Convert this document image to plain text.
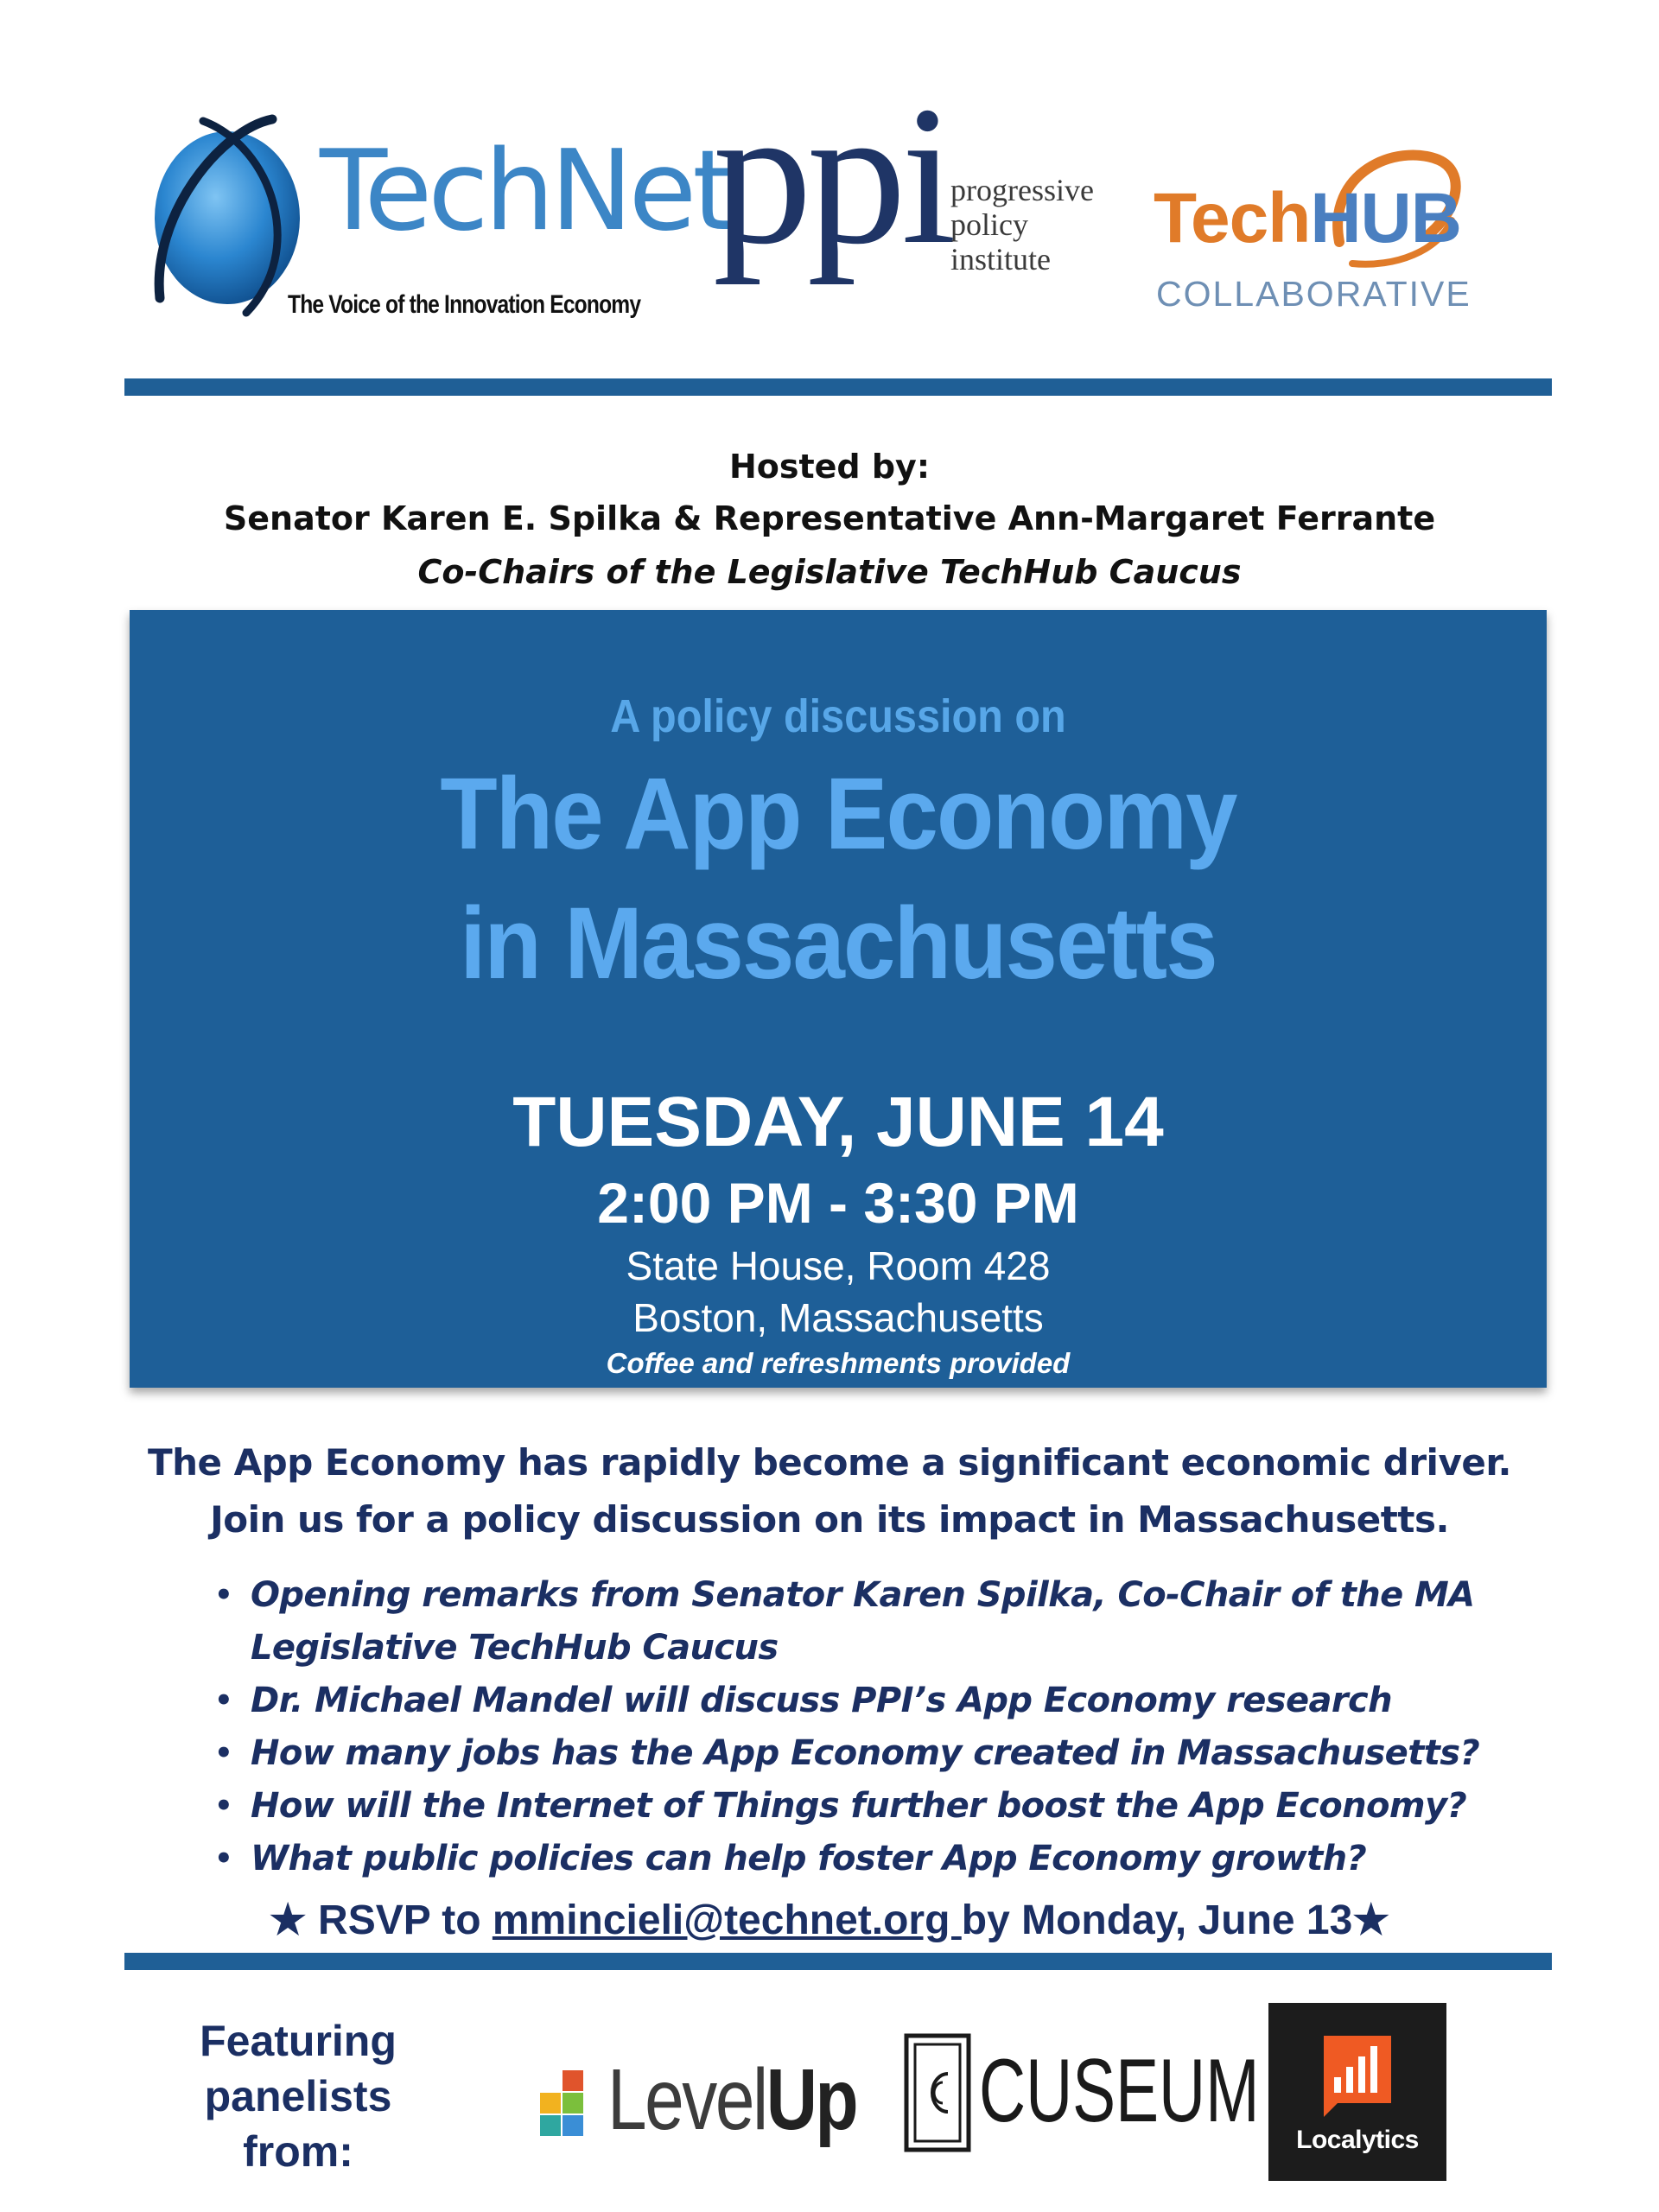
TechNet
The Voice of the Innovation Economy
ppi progressive
policy
institute
TechHUB
COLLABORATIVE
Hosted by:
Senator Karen E. Spilka & Representative Ann-Margaret Ferrante
Co-Chairs of the Legislative TechHub Caucus
A policy discussion on
The App Economy
in Massachusetts
TUESDAY, JUNE 14
2:00 PM - 3:30 PM
State House, Room 428
Boston, Massachusetts
Coffee and refreshments provided
The App Economy has rapidly become a significant economic driver.
Join us for a policy discussion on its impact in Massachusetts.
• Opening remarks from Senator Karen Spilka, Co-Chair of the MA Legislative TechHub Caucus
• Dr. Michael Mandel will discuss PPI’s App Economy research
• How many jobs has the App Economy created in Massachusetts?
• How will the Internet of Things further boost the App Economy?
• What public policies can help foster App Economy growth?
★ RSVP to mmincieli@technet.org by Monday, June 13★
Featuring
panelists
from:
LevelUp CUSEUM	Localytics
